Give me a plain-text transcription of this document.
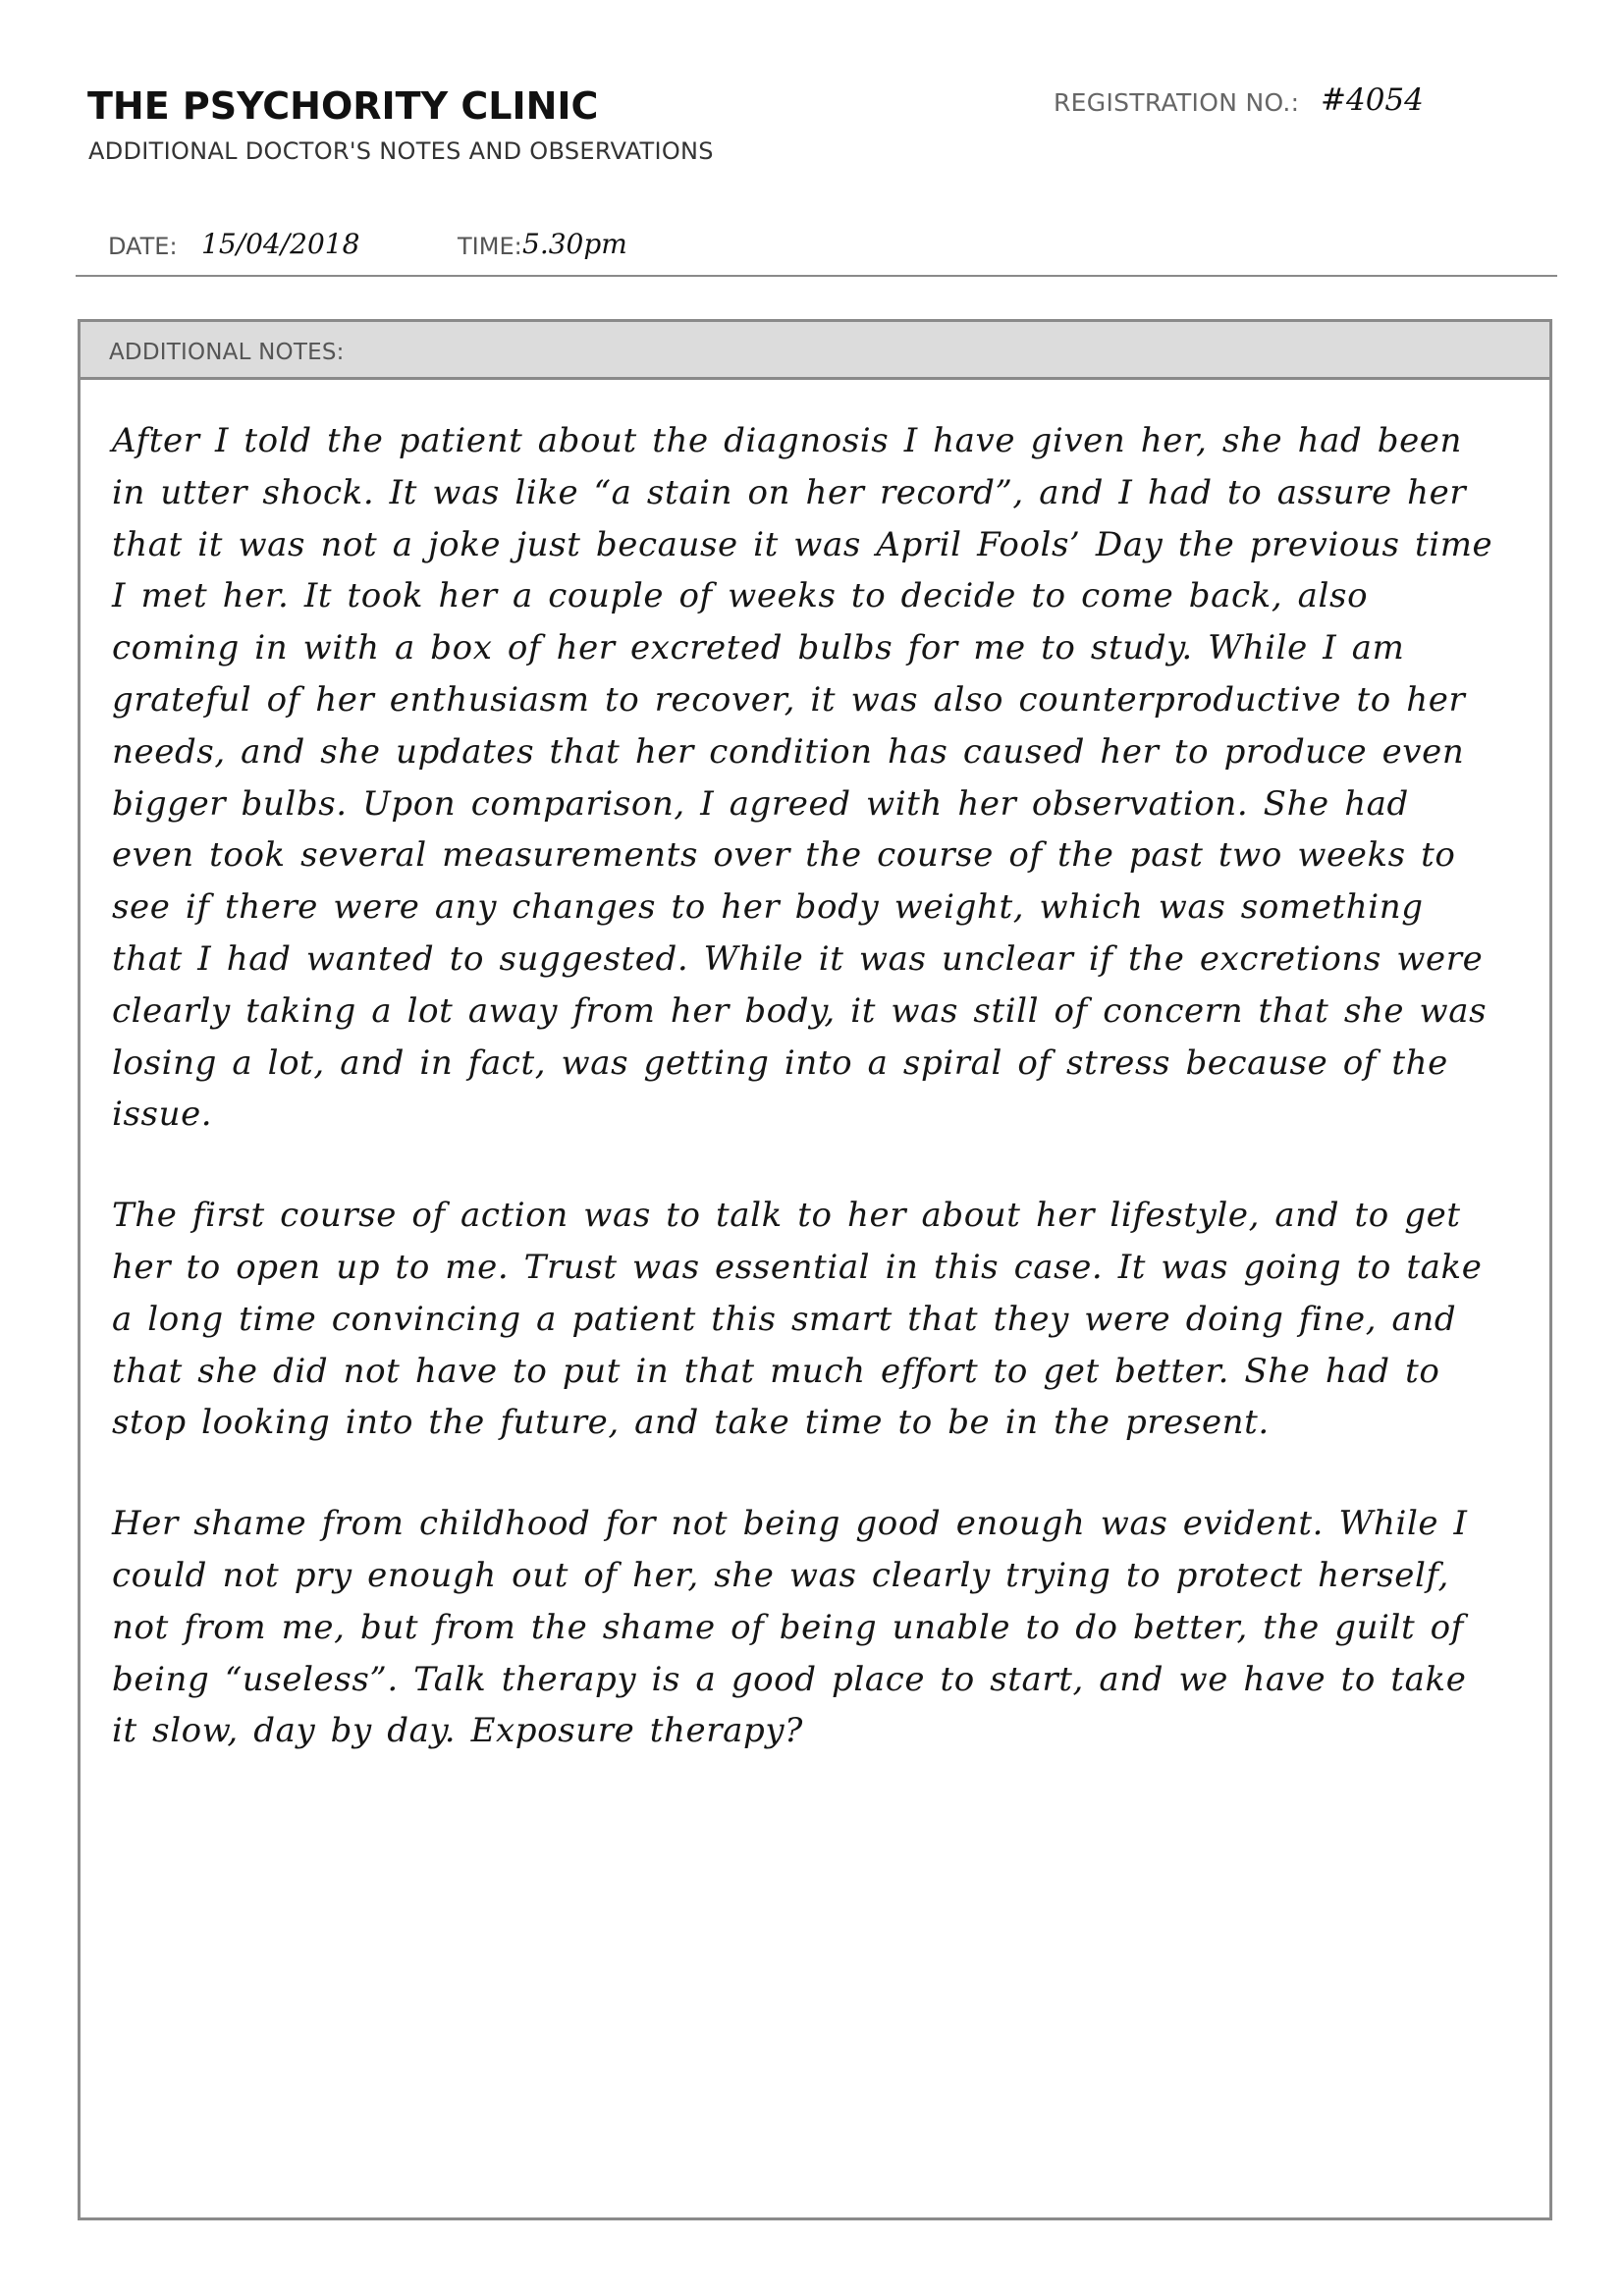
THE PSYCHORITY CLINIC
ADDITIONAL DOCTOR'S NOTES AND OBSERVATIONS
REGISTRATION NO.: #4054
DATE: 15/04/2018	TIME: 5.30pm
ADDITIONAL NOTES:

After I told the patient about the diagnosis I have given her, she had been in utter shock. It was like “a stain on her record”, and I had to assure her that it was not a joke just because it was April Fools’ Day the previous time I met her. It took her a couple of weeks to decide to come back, also coming in with a box of her excreted bulbs for me to study. While I am grateful of her enthusiasm to recover, it was also counterproductive to her needs, and she updates that her condition has caused her to produce even bigger bulbs. Upon comparison, I agreed with her observation. She had even took several measurements over the course of the past two weeks to see if there were any changes to her body weight, which was something that I had wanted to suggested. While it was unclear if the excretions were clearly taking a lot away from her body, it was still of concern that she was losing a lot, and in fact, was getting into a spiral of stress because of the issue.

The first course of action was to talk to her about her lifestyle, and to get her to open up to me. Trust was essential in this case. It was going to take a long time convincing a patient this smart that they were doing fine, and that she did not have to put in that much effort to get better. She had to stop looking into the future, and take time to be in the present.

Her shame from childhood for not being good enough was evident. While I could not pry enough out of her, she was clearly trying to protect herself, not from me, but from the shame of being unable to do better, the guilt of being “useless”. Talk therapy is a good place to start, and we have to take it slow, day by day. Exposure therapy?
